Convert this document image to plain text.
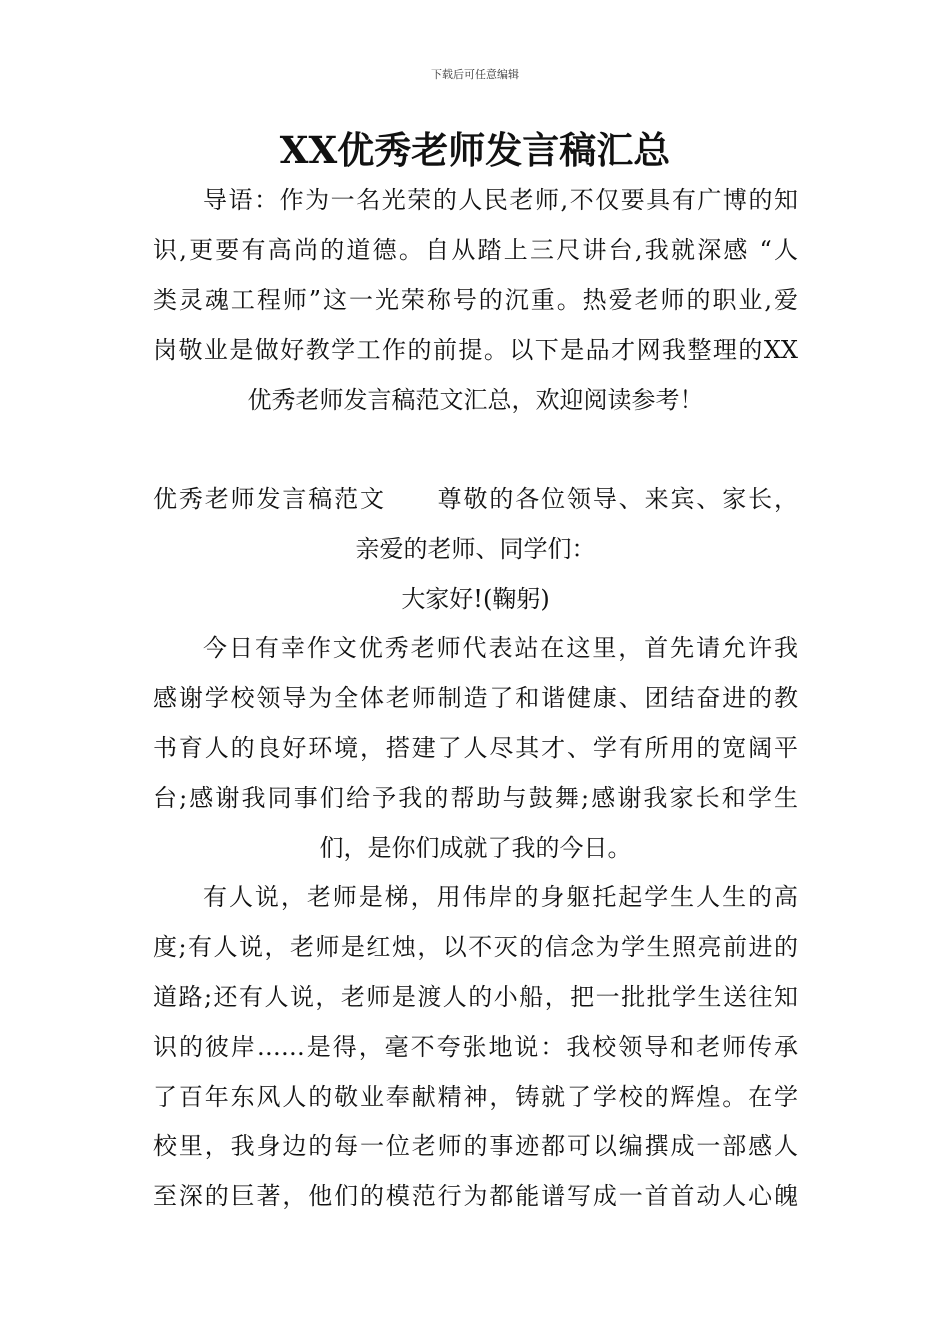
下载后可任意编辑
XX优秀老师发言稿汇总
导语：作为一名光荣的人民老师,不仅要具有广博的知
识,更要有高尚的道德。自从踏上三尺讲台,我就深感 “人
类灵魂工程师”这一光荣称号的沉重。热爱老师的职业,爱
岗敬业是做好教学工作的前提。以下是品才网我整理的XX
优秀老师发言稿范文汇总，欢迎阅读参考！
优秀老师发言稿范文　　尊敬的各位领导、来宾、家长，
亲爱的老师、同学们：
大家好!(鞠躬)
今日有幸作文优秀老师代表站在这里，首先请允许我
感谢学校领导为全体老师制造了和谐健康、团结奋进的教
书育人的良好环境，搭建了人尽其才、学有所用的宽阔平
台;感谢我同事们给予我的帮助与鼓舞;感谢我家长和学生
们，是你们成就了我的今日。
有人说，老师是梯，用伟岸的身躯托起学生人生的高
度;有人说，老师是红烛，以不灭的信念为学生照亮前进的
道路;还有人说，老师是渡人的小船，把一批批学生送往知
识的彼岸……是得，毫不夸张地说：我校领导和老师传承
了百年东风人的敬业奉献精神，铸就了学校的辉煌。在学
校里，我身边的每一位老师的事迹都可以编撰成一部感人
至深的巨著，他们的模范行为都能谱写成一首首动人心魄
